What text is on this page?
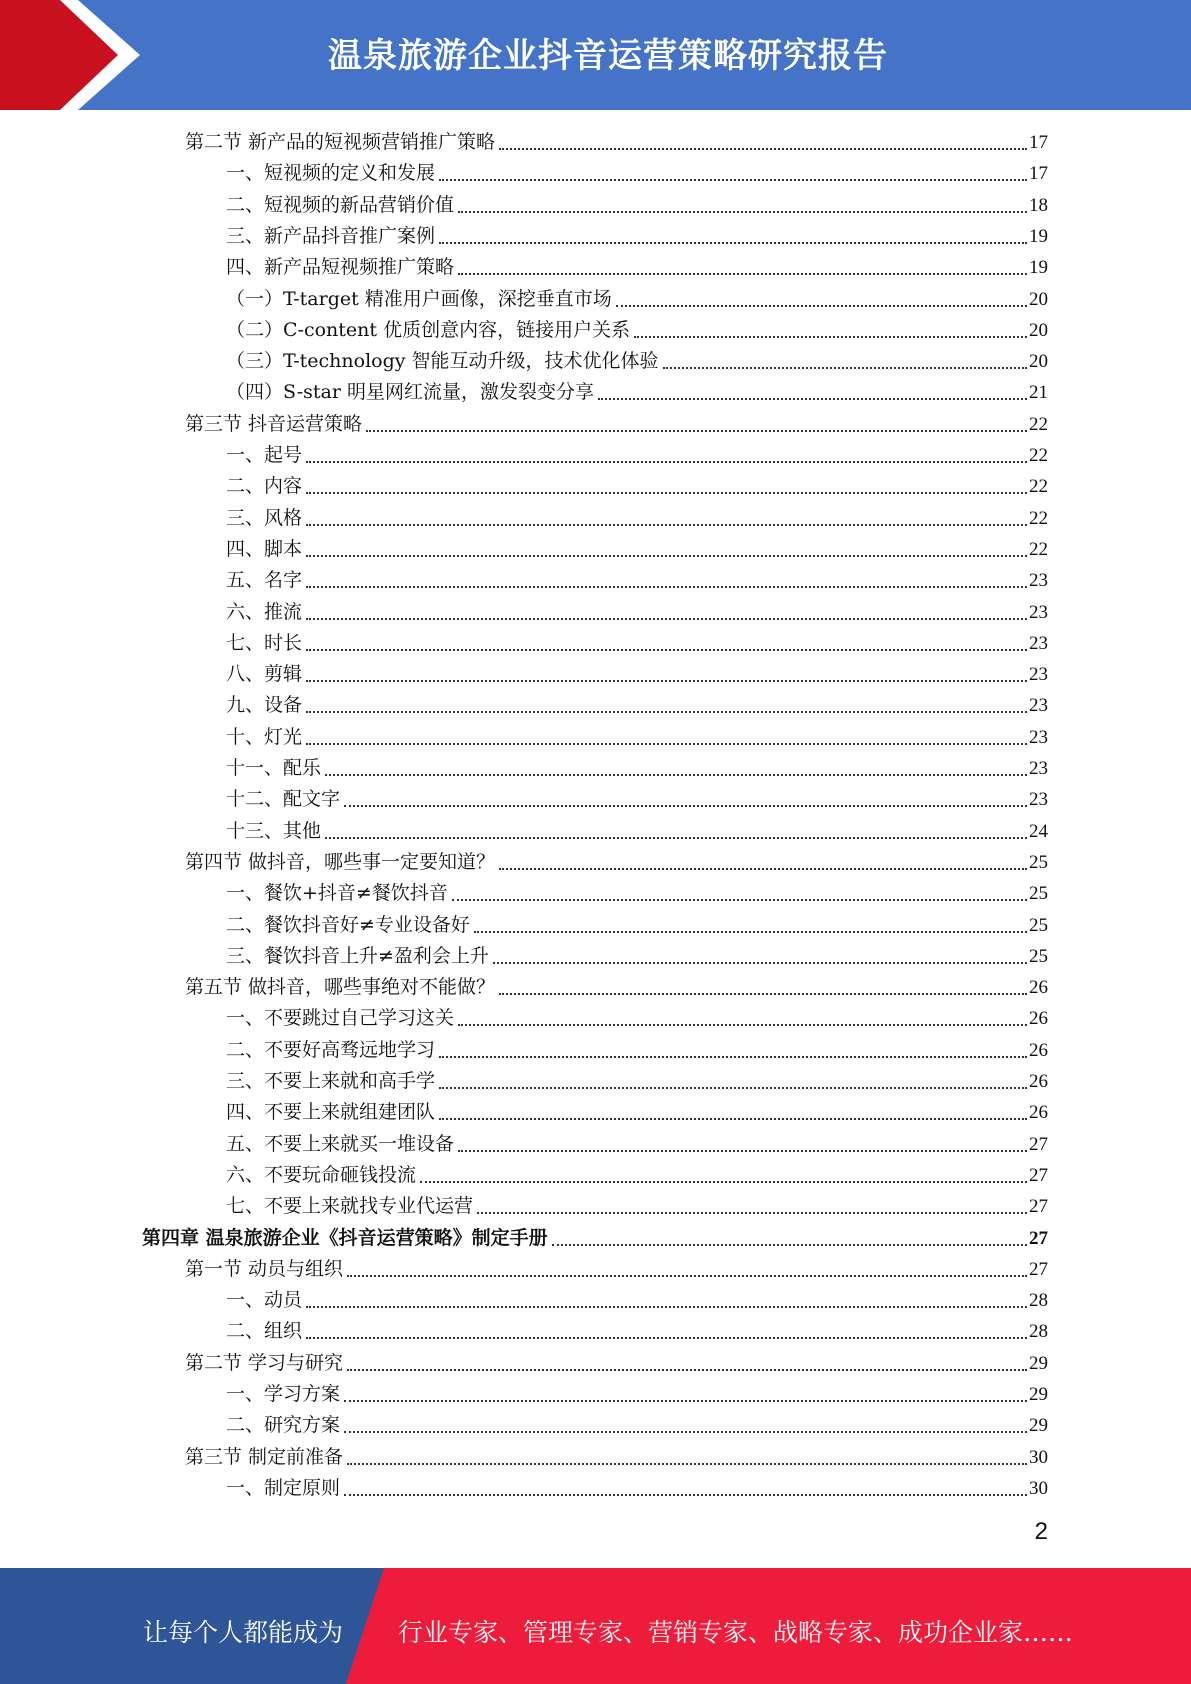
温泉旅游企业抖音运营策略研究报告
第二节 新产品的短视频营销推广策略	17
一、短视频的定义和发展	17
二、短视频的新品营销价值	18
三、新产品抖音推广案例	19
四、新产品短视频推广策略	19
（一）T-target 精准用户画像，深挖垂直市场	20
（二）C-content 优质创意内容，链接用户关系	20
（三）T-technology 智能互动升级，技术优化体验	20
（四）S-star 明星网红流量，激发裂变分享	21
第三节 抖音运营策略	22
一、起号	22
二、内容	22
三、风格	22
四、脚本	22
五、名字	23
六、推流	23
七、时长	23
八、剪辑	23
九、设备	23
十、灯光	23
十一、配乐	23
十二、配文字	23
十三、其他	24
第四节 做抖音，哪些事一定要知道？	25
一、餐饮+抖音≠餐饮抖音	25
二、餐饮抖音好≠专业设备好	25
三、餐饮抖音上升≠盈利会上升	25
第五节 做抖音，哪些事绝对不能做？	26
一、不要跳过自己学习这关	26
二、不要好高骛远地学习	26
三、不要上来就和高手学	26
四、不要上来就组建团队	26
五、不要上来就买一堆设备	27
六、不要玩命砸钱投流	27
七、不要上来就找专业代运营	27
第四章 温泉旅游企业《抖音运营策略》制定手册	27
第一节 动员与组织	27
一、动员	28
二、组织	28
第二节 学习与研究	29
一、学习方案	29
二、研究方案	29
第三节 制定前准备	30
一、制定原则	30
2
让每个人都能成为 行业专家、管理专家、营销专家、战略专家、成功企业家……
